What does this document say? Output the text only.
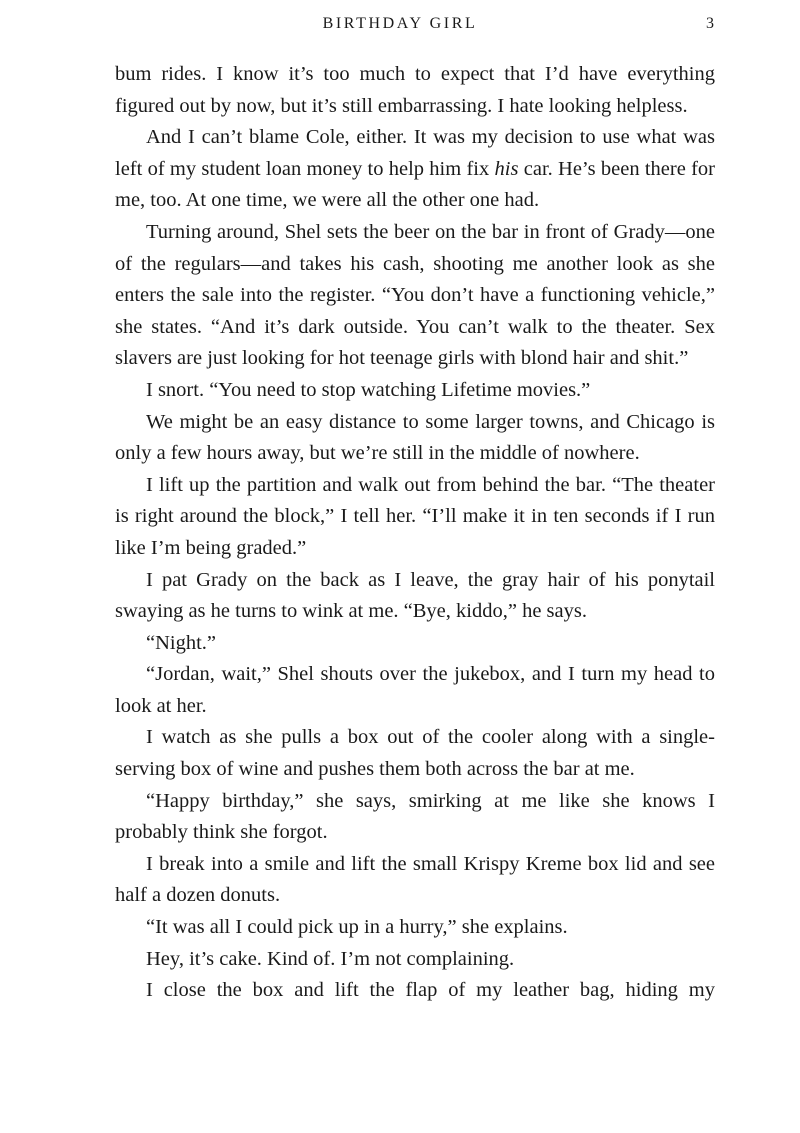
BIRTHDAY GIRL	3

bum rides. I know it’s too much to expect that I’d have everything figured out by now, but it’s still embarrassing. I hate looking helpless.

And I can’t blame Cole, either. It was my decision to use what was left of my student loan money to help him fix his car. He’s been there for me, too. At one time, we were all the other one had.

Turning around, Shel sets the beer on the bar in front of Grady—one of the regulars—and takes his cash, shooting me another look as she enters the sale into the register. “You don’t have a functioning vehicle,” she states. “And it’s dark outside. You can’t walk to the theater. Sex slavers are just looking for hot teenage girls with blond hair and shit.”

I snort. “You need to stop watching Lifetime movies.”

We might be an easy distance to some larger towns, and Chicago is only a few hours away, but we’re still in the middle of nowhere.

I lift up the partition and walk out from behind the bar. “The theater is right around the block,” I tell her. “I’ll make it in ten seconds if I run like I’m being graded.”

I pat Grady on the back as I leave, the gray hair of his ponytail swaying as he turns to wink at me. “Bye, kiddo,” he says.

“Night.”

“Jordan, wait,” Shel shouts over the jukebox, and I turn my head to look at her.

I watch as she pulls a box out of the cooler along with a single-serving box of wine and pushes them both across the bar at me.

“Happy birthday,” she says, smirking at me like she knows I probably think she forgot.

I break into a smile and lift the small Krispy Kreme box lid and see half a dozen donuts.

“It was all I could pick up in a hurry,” she explains.

Hey, it’s cake. Kind of. I’m not complaining.

I close the box and lift the flap of my leather bag, hiding my
